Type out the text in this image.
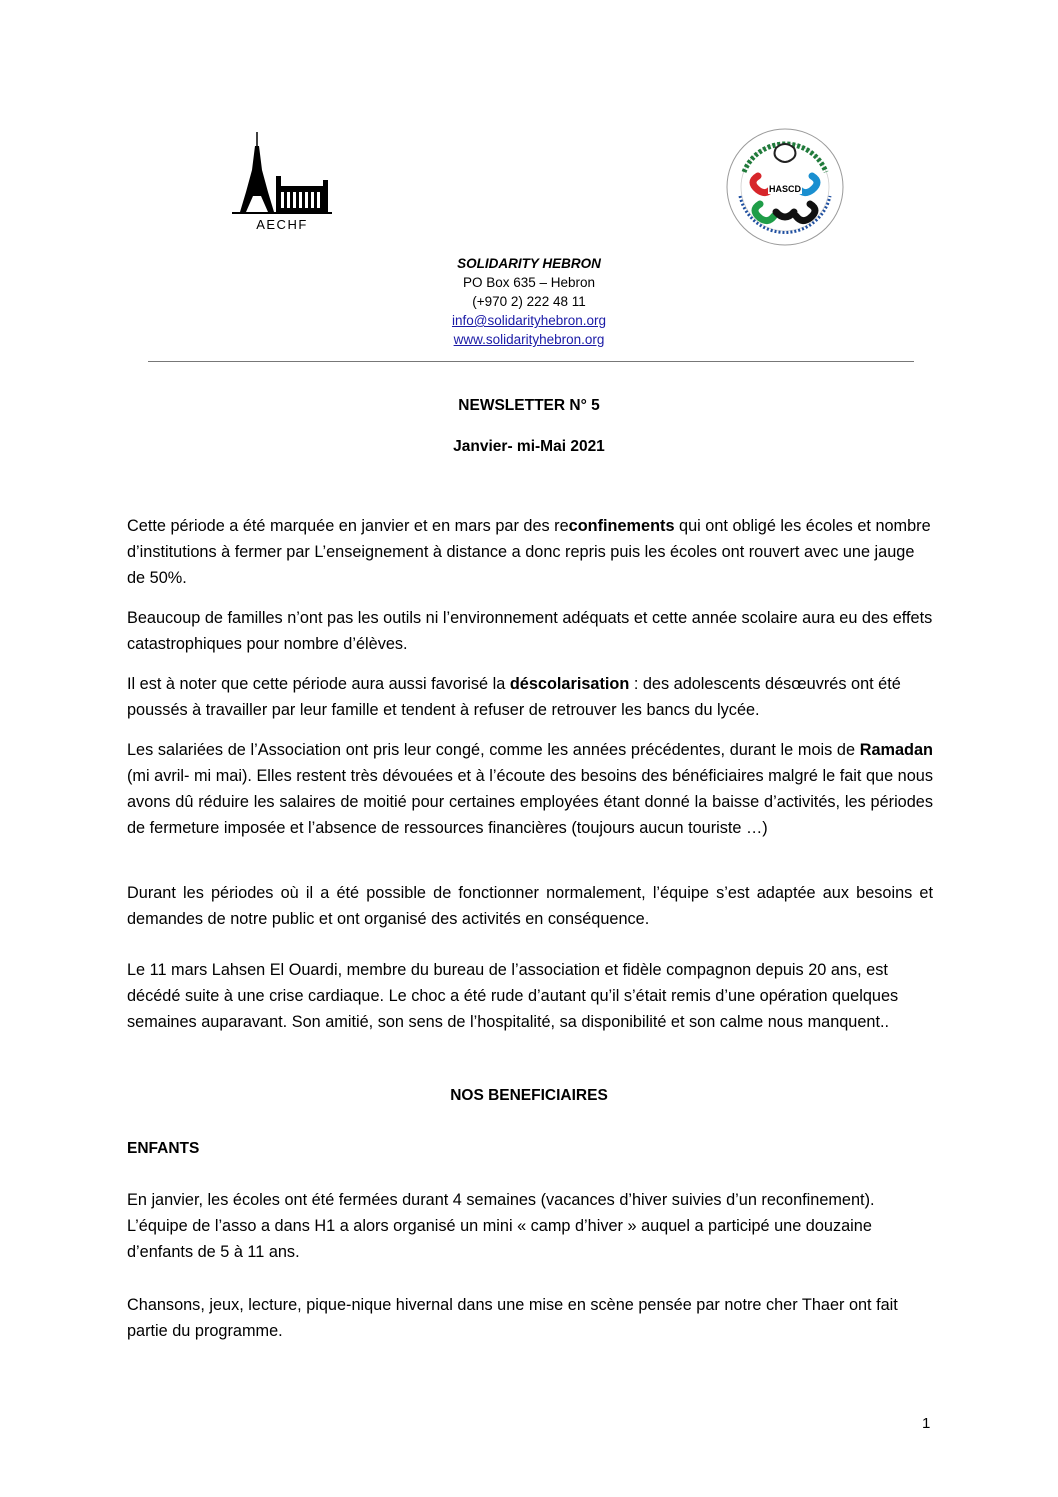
AECHF
HASCD
SOLIDARITY HEBRON
PO Box 635 – Hebron
(+970 2) 222 48 11
info@solidarityhebron.org
www.solidarityhebron.org
NEWSLETTER N° 5
Janvier- mi-Mai 2021
Cette période a été marquée en janvier et en mars par des reconfinements qui ont obligé les écoles et nombre d’institutions à fermer par L’enseignement à distance a donc repris puis les écoles ont rouvert avec une jauge de 50%.
Beaucoup de familles n’ont pas les outils ni l’environnement adéquats et cette année scolaire aura eu des effets catastrophiques pour nombre d’élèves.
Il est à noter que cette période aura aussi favorisé la déscolarisation : des adolescents désœuvrés ont été poussés à travailler par leur famille et tendent à refuser de retrouver les bancs du lycée.
Les salariées de l’Association ont pris leur congé, comme les années précédentes, durant le mois de Ramadan (mi avril- mi mai). Elles restent très dévouées et à l’écoute des besoins des bénéficiaires malgré le fait que nous avons dû réduire les salaires de moitié pour certaines employées étant donné la baisse d’activités, les périodes de fermeture imposée et l’absence de ressources financières (toujours aucun touriste …)
Durant les périodes où il a été possible de fonctionner normalement, l’équipe s’est adaptée aux besoins et demandes de notre public et ont organisé des activités en conséquence.
Le 11 mars Lahsen El Ouardi, membre du bureau de l’association et fidèle compagnon depuis 20 ans, est décédé suite à une crise cardiaque. Le choc a été rude d’autant qu’il s’était remis d’une opération quelques semaines auparavant. Son amitié, son sens de l’hospitalité, sa disponibilité et son calme nous manquent..
NOS BENEFICIAIRES
ENFANTS
En janvier, les écoles ont été fermées durant 4 semaines (vacances d’hiver suivies d’un reconfinement). L’équipe de l’asso a dans H1 a alors organisé un mini « camp d’hiver » auquel a participé une douzaine d’enfants de 5 à 11 ans.
Chansons, jeux, lecture, pique-nique hivernal dans une mise en scène pensée par notre cher Thaer ont fait partie du programme.
1
